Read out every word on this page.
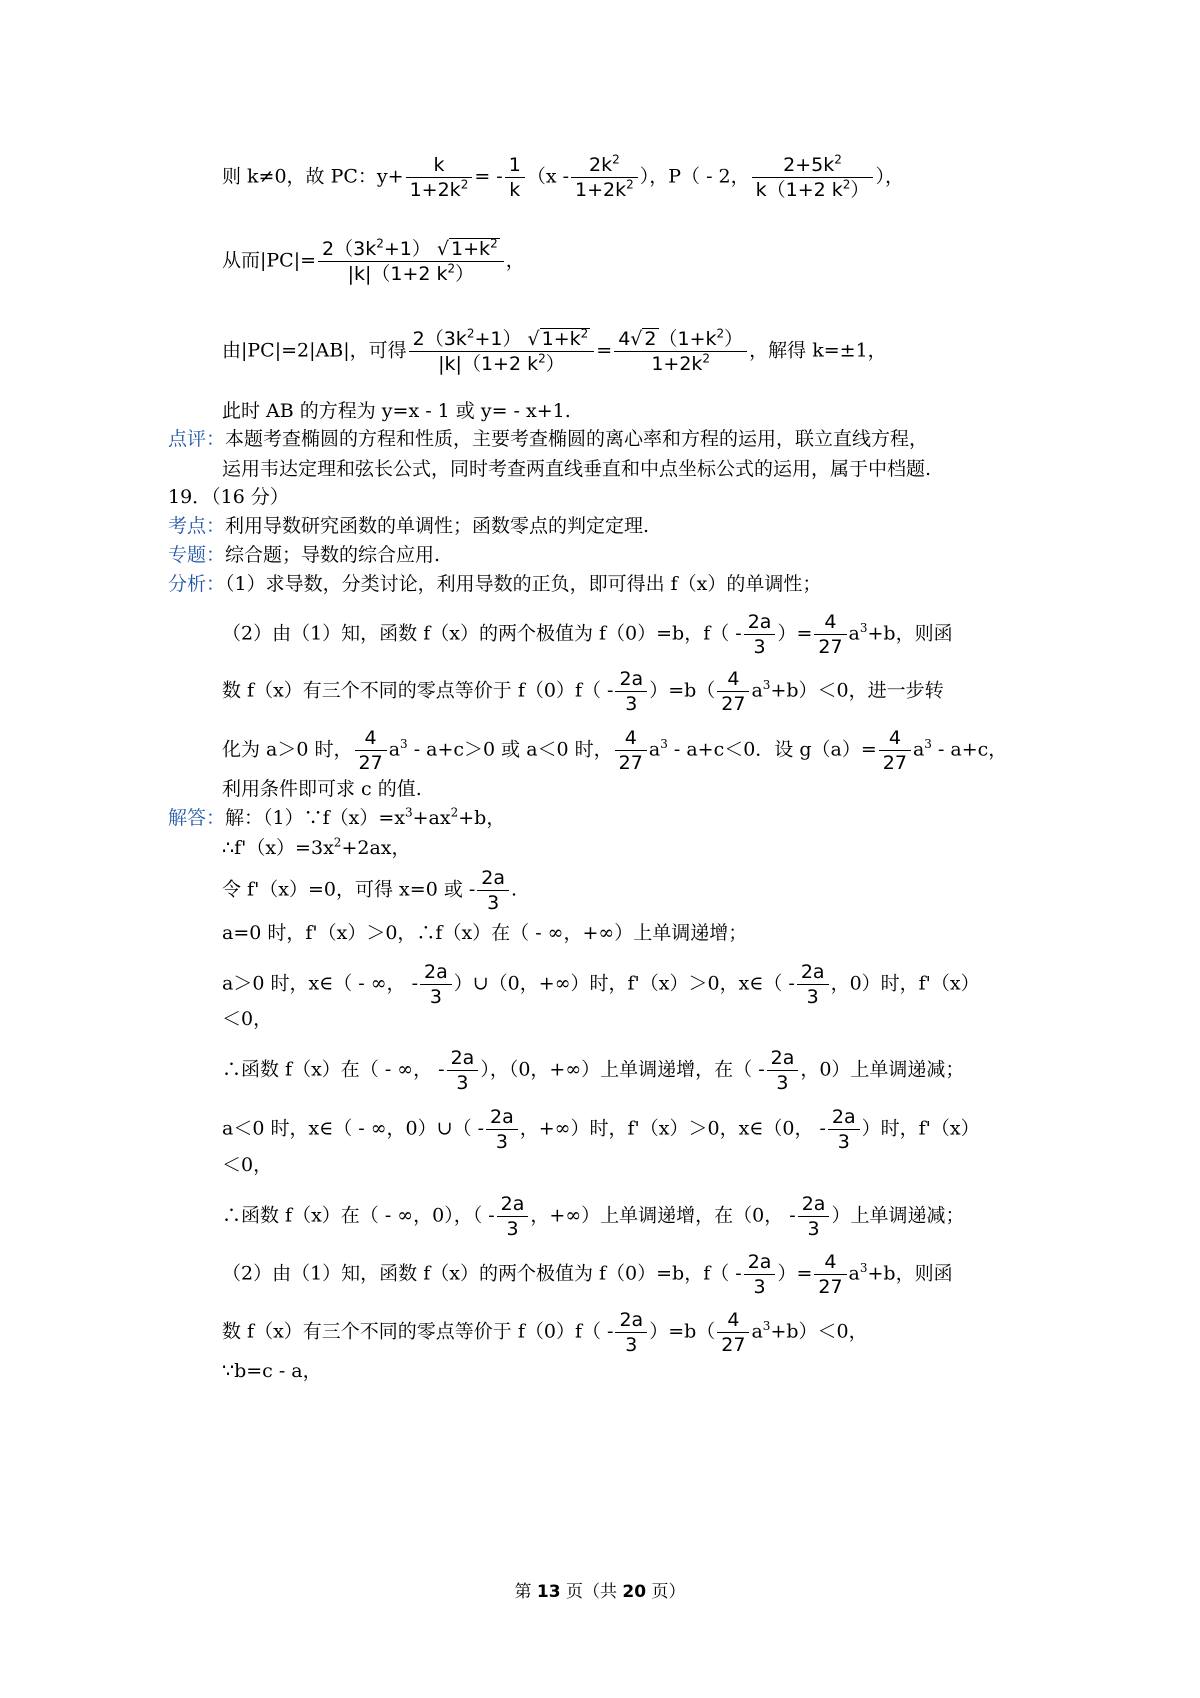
则 k≠0，故 PC：$y+ \frac{k}{1+2k^2}$ = - $\frac{1}{k} (x - \frac{2k^2}{1+2k^2}$ ），P（ - 2， $\frac{2+5k^2}{k(1+2 k^2)}$ ），
从而$|PC|= \frac{2(3k^2+1) √ 1+k^2}{|k|(1+2 k^2)}$ ，
由|PC|=2|AB|，可得 $\frac{2(3k^2+1) √ 1+k^2}{|k|(1+2 k^2)} = \frac{4√ 2 (1+k^2)}{1+2k^2}$ ，解得 k=±1，
此时 AB 的方程为 y=x - 1 或 y= - x+1.
点评：本题考查椭圆的方程和性质，主要考查椭圆的离心率和方程的运用，联立直线方程，
运用韦达定理和弦长公式，同时考查两直线垂直和中点坐标公式的运用，属于中档题.
19．（16 分）
考点：利用导数研究函数的单调性；函数零点的判定定理.
专题：综合题；导数的综合应用.
分析：（1）求导数，分类讨论，利用导数的正负，即可得出 f（x）的单调性；
（2）由（1）知，函数 f（x）的两个极值为 f（0）=b，$f( - \frac{2a}{3}$ ）= $\frac{4}{27} a^3+b$，则函
数 f（x）有三个不同的零点等价于 $f(0)f( - \frac{2a}{3} )=b( \frac{4}{27} a^3+b)<0$，进一步转
化为 a＞0 时， $\frac{4}{27} a^3 - a+c>0$ 或 a＜0 时， $\frac{4}{27} a^3 - a+c<0$．设 $g(a)= \frac{4}{27} a^3 - a+c$，
利用条件即可求 c 的值.
解答：解：$(1)\because f(x)=x^3+ax^2+b$，
$\therefore f'(x)=3x^2+2ax$，
令 f'（x）=0，可得 x=0 或 - $\frac{2a}{3}$ .
a=0 时，f'（x）＞0，∴f（x）在（ - ∞，+∞）上单调递增；
a＞0 时，x∈（ - ∞， - $\frac{2a}{3}$ ）∪（0，+∞）时，f'（x）＞0，x∈（ - $\frac{2a}{3}$ ，0）时，f'（x）
＜0，
∴函数 f（x）在（ - ∞， - $\frac{2a}{3}$ ），（0，+∞）上单调递增，在（ - $\frac{2a}{3}$ ，0）上单调递减；
a＜0 时，x∈（ - ∞，0）∪（ - $\frac{2a}{3}$ ，+∞）时，f'（x）＞0，x∈（0， - $\frac{2a}{3}$ ）时，f'（x）
＜0，
∴函数 f（x）在（ - ∞，0），（ - $\frac{2a}{3}$ ，+∞）上单调递增，在（0， - $\frac{2a}{3}$ ）上单调递减；
（2）由（1）知，函数 f（x）的两个极值为 f（0）=b，$f( - \frac{2a}{3}$ ）= $\frac{4}{27} a^3+b$，则函
数 f（x）有三个不同的零点等价于 $f(0)f( - \frac{2a}{3} )=b( \frac{4}{27} a^3+b)<0$，
∵b=c - a，
第 13 页（共 20 页）
